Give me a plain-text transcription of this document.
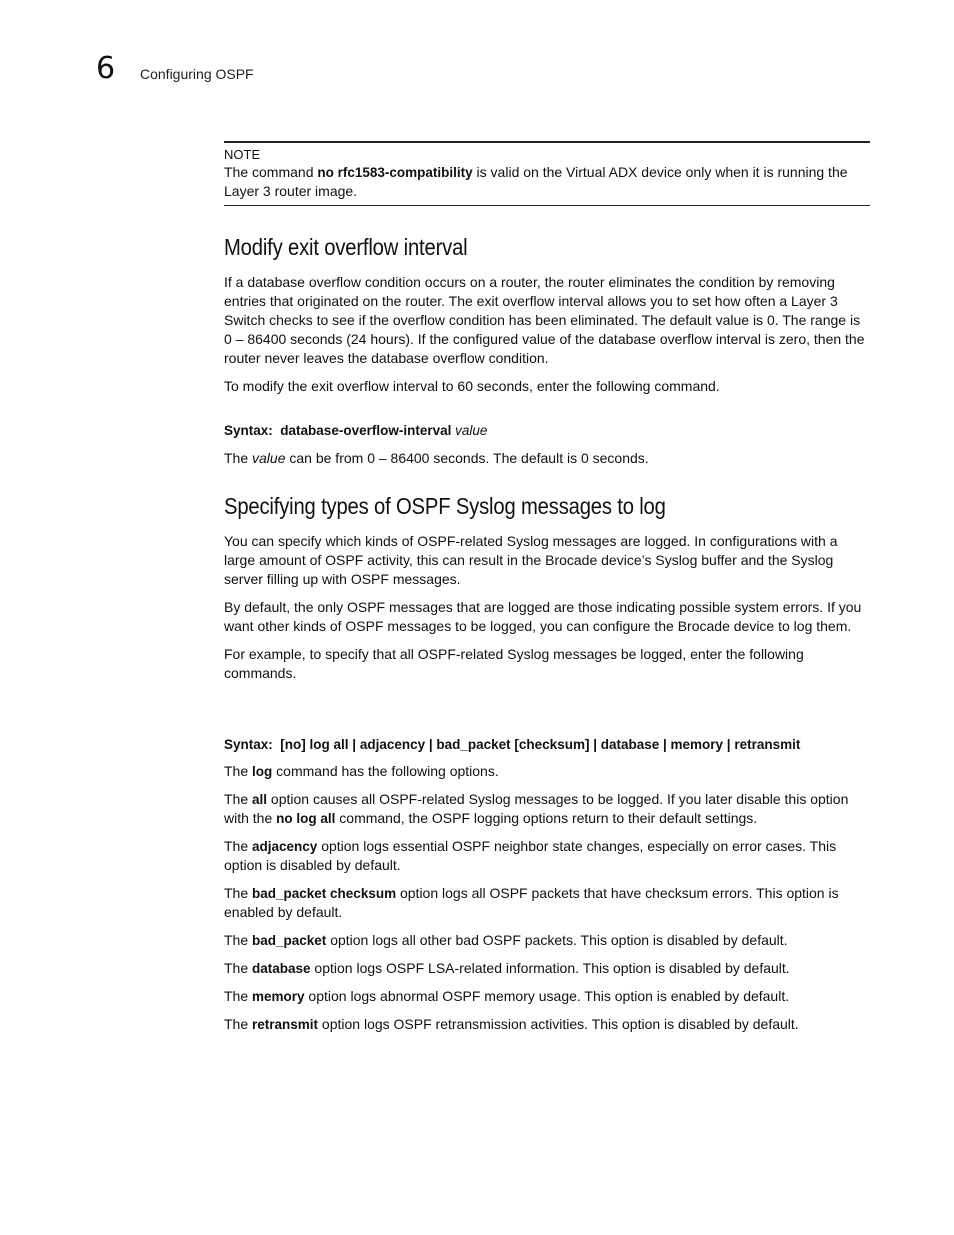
6 Configuring OSPF
NOTE

The command no rfc1583-compatibility is valid on the Virtual ADX device only when it is running the Layer 3 router image.

Modify exit overflow interval

If a database overflow condition occurs on a router, the router eliminates the condition by removing entries that originated on the router. The exit overflow interval allows you to set how often a Layer 3 Switch checks to see if the overflow condition has been eliminated. The default value is 0. The range is 0 – 86400 seconds (24 hours). If the configured value of the database overflow interval is zero, then the router never leaves the database overflow condition.

To modify the exit overflow interval to 60 seconds, enter the following command.

Syntax: database-overflow-interval value

The value can be from 0 – 86400 seconds. The default is 0 seconds.

Specifying types of OSPF Syslog messages to log

You can specify which kinds of OSPF-related Syslog messages are logged. In configurations with a large amount of OSPF activity, this can result in the Brocade device’s Syslog buffer and the Syslog server filling up with OSPF messages.

By default, the only OSPF messages that are logged are those indicating possible system errors. If you want other kinds of OSPF messages to be logged, you can configure the Brocade device to log them.

For example, to specify that all OSPF-related Syslog messages be logged, enter the following commands.

Syntax: [no] log all | adjacency | bad_packet [checksum] | database | memory | retransmit

The log command has the following options.

The all option causes all OSPF-related Syslog messages to be logged. If you later disable this option with the no log all command, the OSPF logging options return to their default settings.

The adjacency option logs essential OSPF neighbor state changes, especially on error cases. This option is disabled by default.

The bad_packet checksum option logs all OSPF packets that have checksum errors. This option is enabled by default.

The bad_packet option logs all other bad OSPF packets. This option is disabled by default.

The database option logs OSPF LSA-related information. This option is disabled by default.

The memory option logs abnormal OSPF memory usage. This option is enabled by default.

The retransmit option logs OSPF retransmission activities. This option is disabled by default.
